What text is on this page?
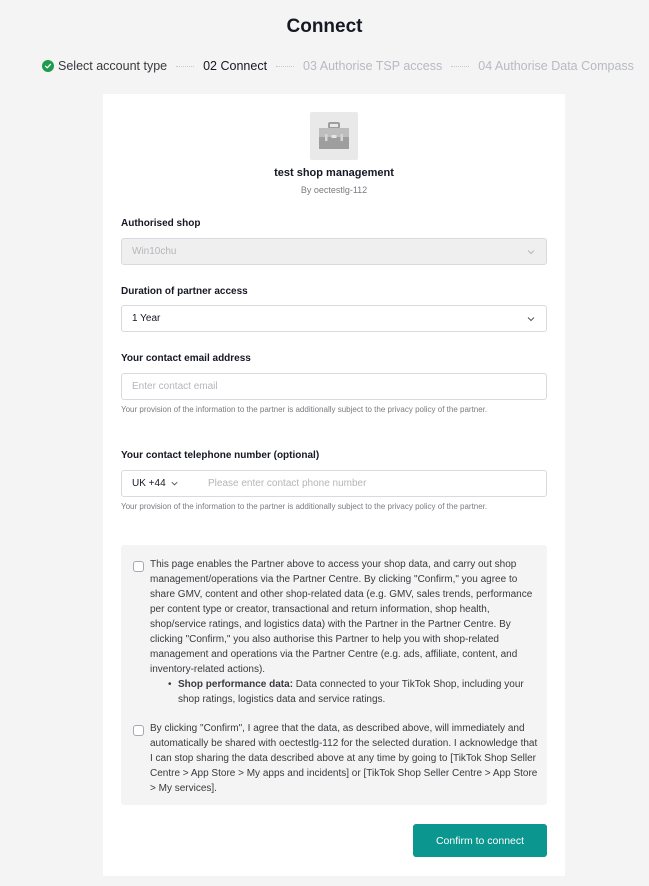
Connect
Select account type	02 Connect	03 Authorise TSP access	04 Authorise Data Compass
test shop management
By oectestlg-112
Authorised shop
Win10chu
Duration of partner access
1 Year
Your contact email address
Enter contact email
Your provision of the information to the partner is additionally subject to the privacy policy of the partner.
Your contact telephone number (optional)
UK +44
Please enter contact phone number
Your provision of the information to the partner is additionally subject to the privacy policy of the partner.
This page enables the Partner above to access your shop data, and carry out shop management/operations via the Partner Centre. By clicking "Confirm," you agree to share GMV, content and other shop-related data (e.g. GMV, sales trends, performance per content type or creator, transactional and return information, shop health, shop/service ratings, and logistics data) with the Partner in the Partner Centre. By clicking "Confirm," you also authorise this Partner to help you with shop-related management and operations via the Partner Centre (e.g. ads, affiliate, content, and inventory-related actions).
• Shop performance data: Data connected to your TikTok Shop, including your shop ratings, logistics data and service ratings.
By clicking "Confirm", I agree that the data, as described above, will immediately and automatically be shared with oectestlg-112 for the selected duration. I acknowledge that I can stop sharing the data described above at any time by going to [TikTok Shop Seller Centre > App Store > My apps and incidents] or [TikTok Shop Seller Centre > App Store > My services].
Confirm to connect
